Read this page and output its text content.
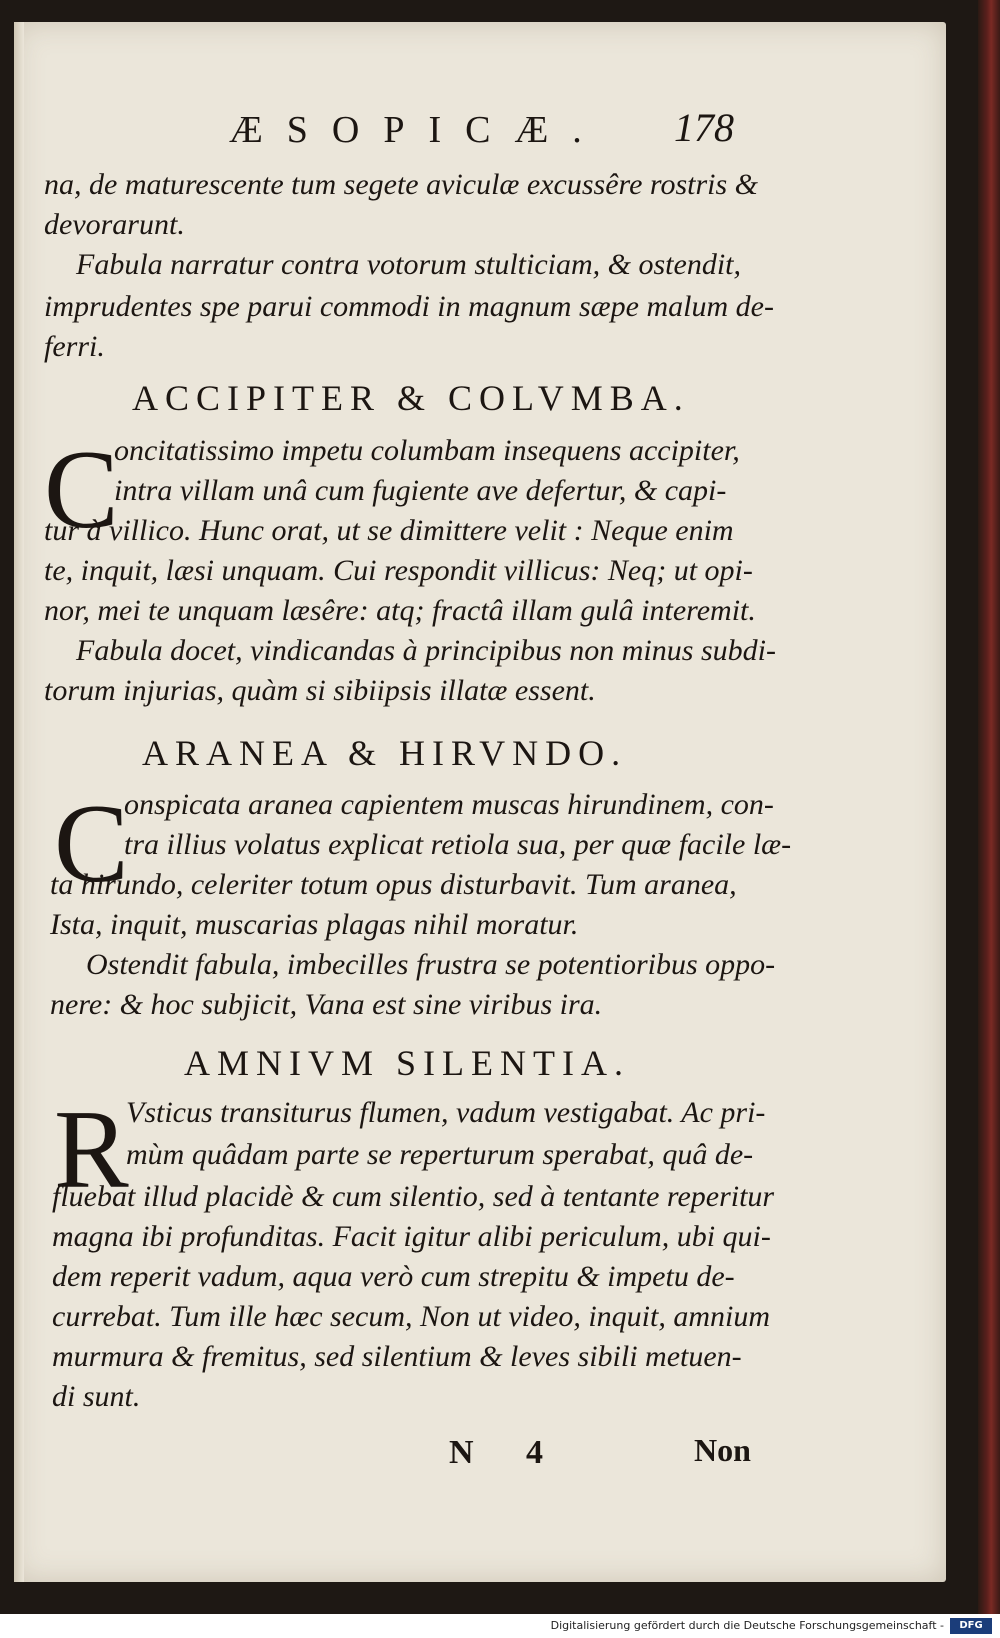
ÆSOPICÆ. 178
na, de maturescente tum segete aviculæ excussêre rostris &
devorarunt.
Fabula narratur contra votorum stulticiam, & ostendit,
imprudentes spe parui commodi in magnum sæpe malum de-
ferri.
ACCIPITER & COLVMBA.
C
oncitatissimo impetu columbam insequens accipiter,
intra villam unâ cum fugiente ave defertur, & capi-
tur à villico. Hunc orat, ut se dimittere velit : Neque enim
te, inquit, læsi unquam. Cui respondit villicus: Neq; ut opi-
nor, mei te unquam læsêre: atq; fractâ illam gulâ interemit.
Fabula docet, vindicandas à principibus non minus subdi-
torum injurias, quàm si sibiipsis illatæ essent.
ARANEA & HIRVNDO.
C
onspicata aranea capientem muscas hirundinem, con-
tra illius volatus explicat retiola sua, per quæ facile læ-
ta hirundo, celeriter totum opus disturbavit. Tum aranea,
Ista, inquit, muscarias plagas nihil moratur.
Ostendit fabula, imbecilles frustra se potentioribus oppo-
nere: & hoc subjicit, Vana est sine viribus ira.
AMNIVM SILENTIA.
R
Vsticus transiturus flumen, vadum vestigabat. Ac pri-
mùm quâdam parte se reperturum sperabat, quâ de-
fluebat illud placidè & cum silentio, sed à tentante reperitur
magna ibi profunditas. Facit igitur alibi periculum, ubi qui-
dem reperit vadum, aqua verò cum strepitu & impetu de-
currebat. Tum ille hæc secum, Non ut video, inquit, amnium
murmura & fremitus, sed silentium & leves sibili metuen-
di sunt.
N 4	Non
Digitalisierung gefördert durch die Deutsche Forschungsgemeinschaft -	DFG
